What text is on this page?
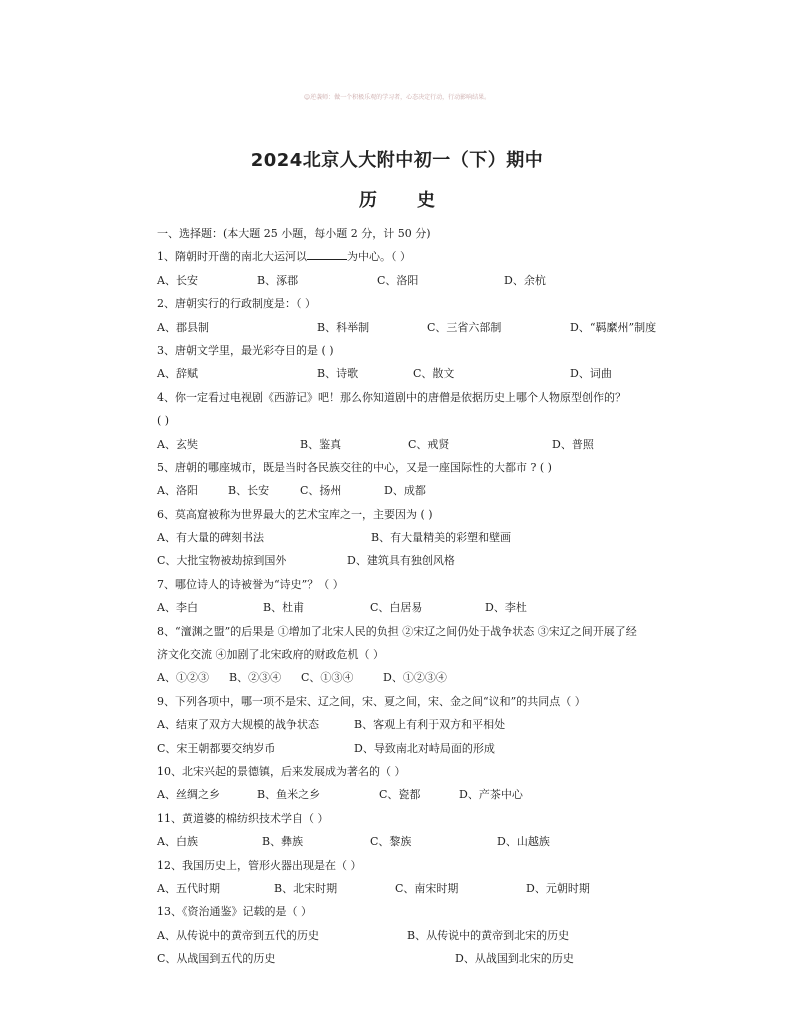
☺逆袭师：做一个积极乐观的学习者，心态决定行动，行动影响结果。
2024北京人大附中初一（下）期中
历史
一、选择题：(本大题 25 小题，每小题 2 分，计 50 分)
1、隋朝时开凿的南北大运河以	为中心。（ ）
A、长安	B、涿郡	C、洛阳	D、余杭
2、唐朝实行的行政制度是：（ ）
A、郡县制	B、科举制	C、三省六部制	D、“羁縻州”制度
3、唐朝文学里，最光彩夺目的是 ( )
A、辞赋	B、诗歌	C、散文	D、词曲
4、你一定看过电视剧《西游记》吧！那么你知道剧中的唐僧是依据历史上哪个人物原型创作的？
( )
A、玄奘	B、鉴真	C、戒贤	D、普照
5、唐朝的哪座城市，既是当时各民族交往的中心，又是一座国际性的大都市 ? ( )
A、洛阳	B、长安	C、扬州	D、成都
6、莫高窟被称为世界最大的艺术宝库之一，主要因为 ( )
A、有大量的碑刻书法	B、有大量精美的彩塑和壁画
C、大批宝物被劫掠到国外	D、建筑具有独创风格
7、哪位诗人的诗被誉为“诗史”？（ ）
A、李白	B、杜甫	C、白居易	D、李杜
8、“澶渊之盟”的后果是 ①增加了北宋人民的负担 ②宋辽之间仍处于战争状态 ③宋辽之间开展了经
济文化交流 ④加剧了北宋政府的财政危机（ ）
A、①②③	B、②③④	C、①③④	D、①②③④
9、下列各项中，哪一项不是宋、辽之间，宋、夏之间，宋、金之间“议和”的共同点（ ）
A、结束了双方大规模的战争状态	B、客观上有利于双方和平相处
C、宋王朝都要交纳岁币	D、导致南北对峙局面的形成
10、北宋兴起的景德镇，后来发展成为著名的（ ）
A、丝绸之乡	B、鱼米之乡	C、瓷都	D、产茶中心
11、黄道婆的棉纺织技术学自（ ）
A、白族	B、彝族	C、黎族	D、山越族
12、我国历史上，管形火器出现是在（ ）
A、五代时期	B、北宋时期	C、南宋时期	D、元朝时期
13、《资治通鉴》记载的是（ ）
A、从传说中的黄帝到五代的历史	B、从传说中的黄帝到北宋的历史
C、从战国到五代的历史	D、从战国到北宋的历史
